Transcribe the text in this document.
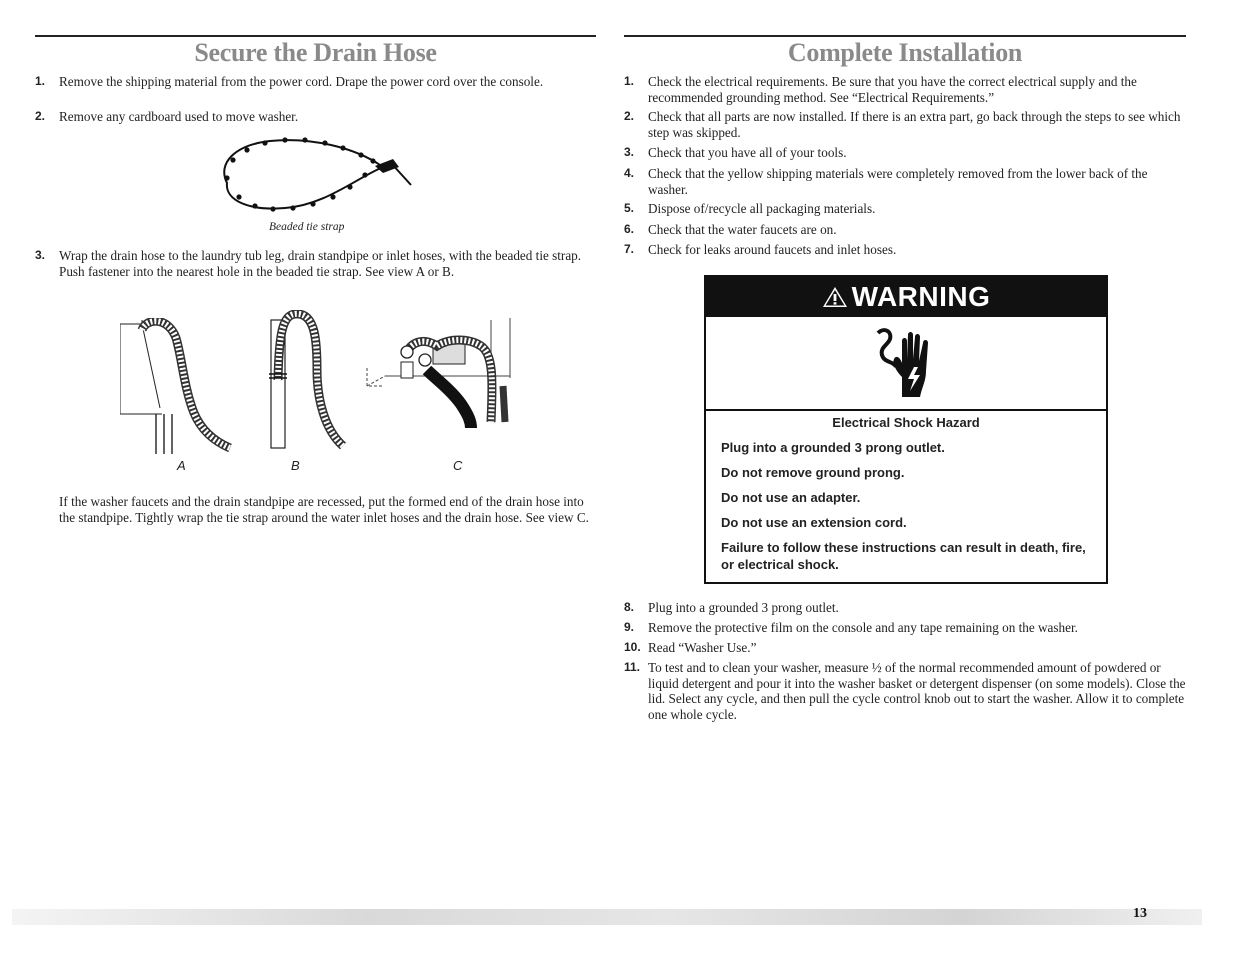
Secure the Drain Hose
1. Remove the shipping material from the power cord. Drape the power cord over the console.
2. Remove any cardboard used to move washer.
Beaded tie strap
3. Wrap the drain hose to the laundry tub leg, drain standpipe or inlet hoses, with the beaded tie strap. Push fastener into the nearest hole in the beaded tie strap. See view A or B.
A	B	C
If the washer faucets and the drain standpipe are recessed, put the formed end of the drain hose into the standpipe. Tightly wrap the tie strap around the water inlet hoses and the drain hose. See view C.
Complete Installation
1. Check the electrical requirements. Be sure that you have the correct electrical supply and the recommended grounding method. See “Electrical Requirements.”
2. Check that all parts are now installed. If there is an extra part, go back through the steps to see which step was skipped.
3. Check that you have all of your tools.
4. Check that the yellow shipping materials were completely removed from the lower back of the washer.
5. Dispose of/recycle all packaging materials.
6. Check that the water faucets are on.
7. Check for leaks around faucets and inlet hoses.
WARNING
Electrical Shock Hazard
Plug into a grounded 3 prong outlet.
Do not remove ground prong.
Do not use an adapter.
Do not use an extension cord.
Failure to follow these instructions can result in death, fire, or electrical shock.
8. Plug into a grounded 3 prong outlet.
9. Remove the protective film on the console and any tape remaining on the washer.
10. Read “Washer Use.”
11. To test and to clean your washer, measure ½ of the normal recommended amount of powdered or liquid detergent and pour it into the washer basket or detergent dispenser (on some models). Close the lid. Select any cycle, and then pull the cycle control knob out to start the washer. Allow it to complete one whole cycle.
13
